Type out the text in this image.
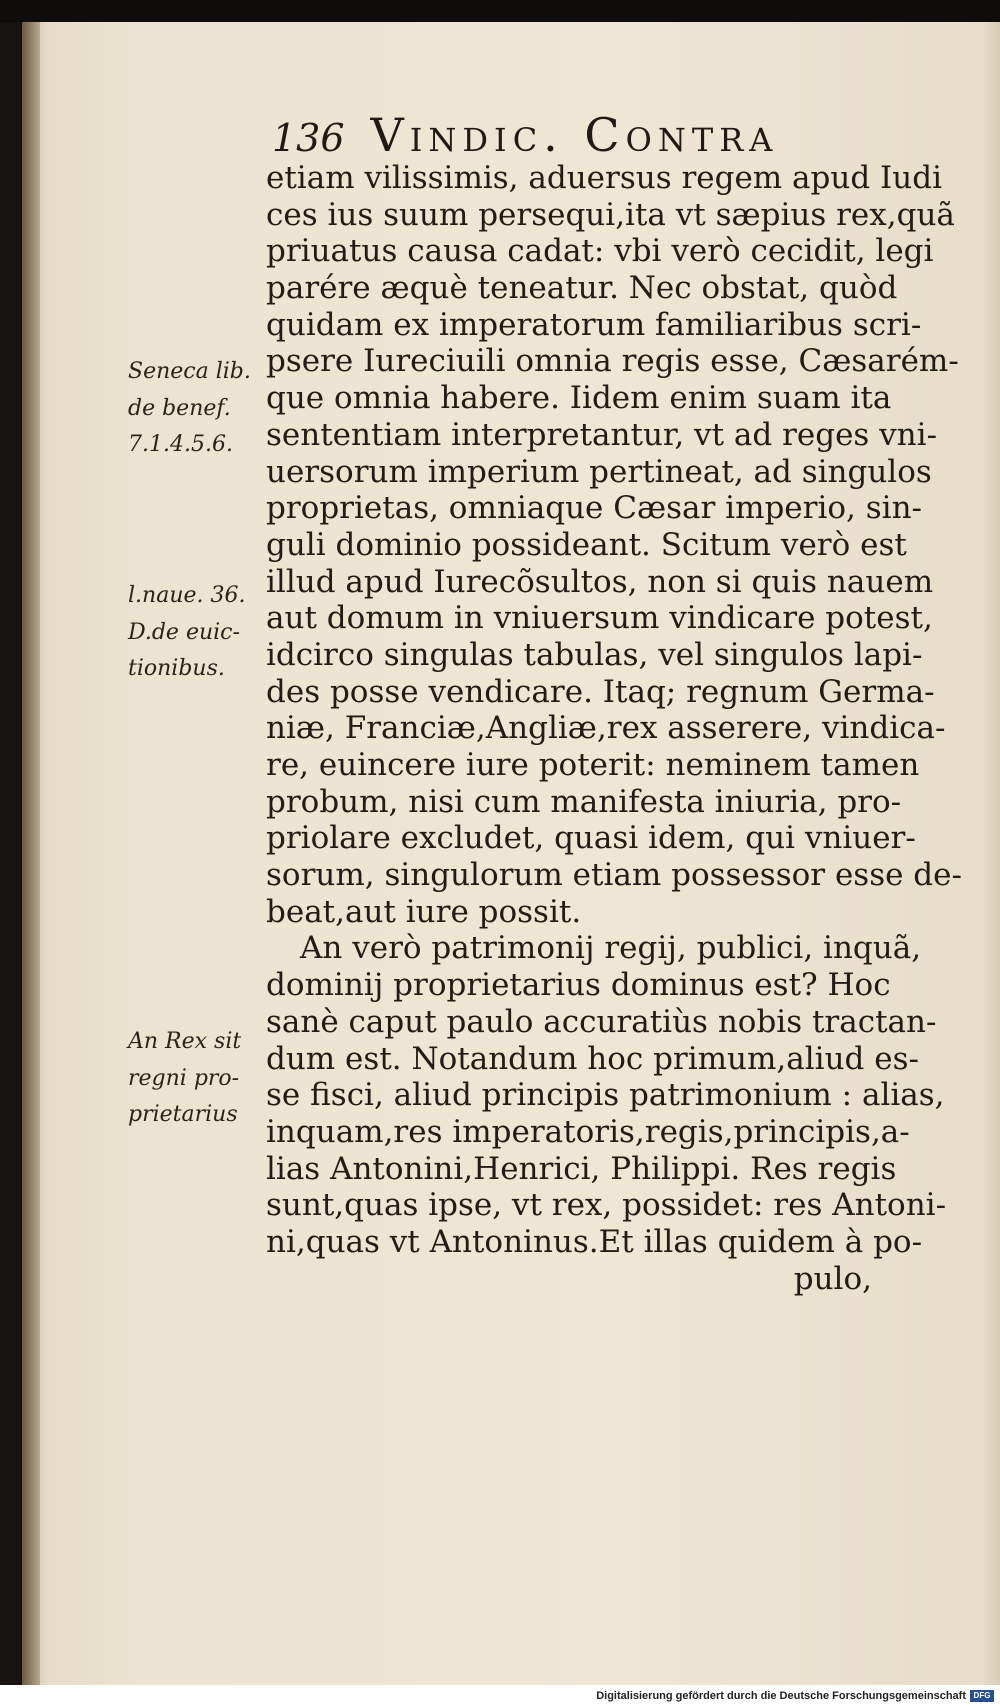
136 Vindic. Contra
Seneca lib.
de benef.
7.1.4.5.6.
l.naue. 36.
D.de euic-
tionibus.
An Rex sit
regni pro-
prietarius
etiam vilissimis, aduersus regem apud Iudi
ces ius suum persequi,ita vt sæpius rex,quã
priuatus causa cadat: vbi verò cecidit, legi
parére æquè teneatur. Nec obstat, quòd
quidam ex imperatorum familiaribus scri-
psere Iureciuili omnia regis esse, Cæsarém-
que omnia habere. Iidem enim suam ita
sententiam interpretantur, vt ad reges vni-
uersorum imperium pertineat, ad singulos
proprietas, omniaque Cæsar imperio, sin-
guli dominio possideant. Scitum verò est
illud apud Iurecõsultos, non si quis nauem
aut domum in vniuersum vindicare potest,
idcirco singulas tabulas, vel singulos lapi-
des posse vendicare. Itaq; regnum Germa-
niæ, Franciæ,Angliæ,rex asserere, vindica-
re, euincere iure poterit: neminem tamen
probum, nisi cum manifesta iniuria, pro-
priolare excludet, quasi idem, qui vniuer-
sorum, singulorum etiam possessor esse de-
beat,aut iure possit.
An verò patrimonij regij, publici, inquã,
dominij proprietarius dominus est? Hoc
sanè caput paulo accuratiùs nobis tractan-
dum est. Notandum hoc primum,aliud es-
se fisci, aliud principis patrimonium : alias,
inquam,res imperatoris,regis,principis,a-
lias Antonini,Henrici, Philippi. Res regis
sunt,quas ipse, vt rex, possidet: res Antoni-
ni,quas vt Antoninus.Et illas quidem à po-
pulo,
Digitalisierung gefördert durch die Deutsche Forschungsgemeinschaft DFG
